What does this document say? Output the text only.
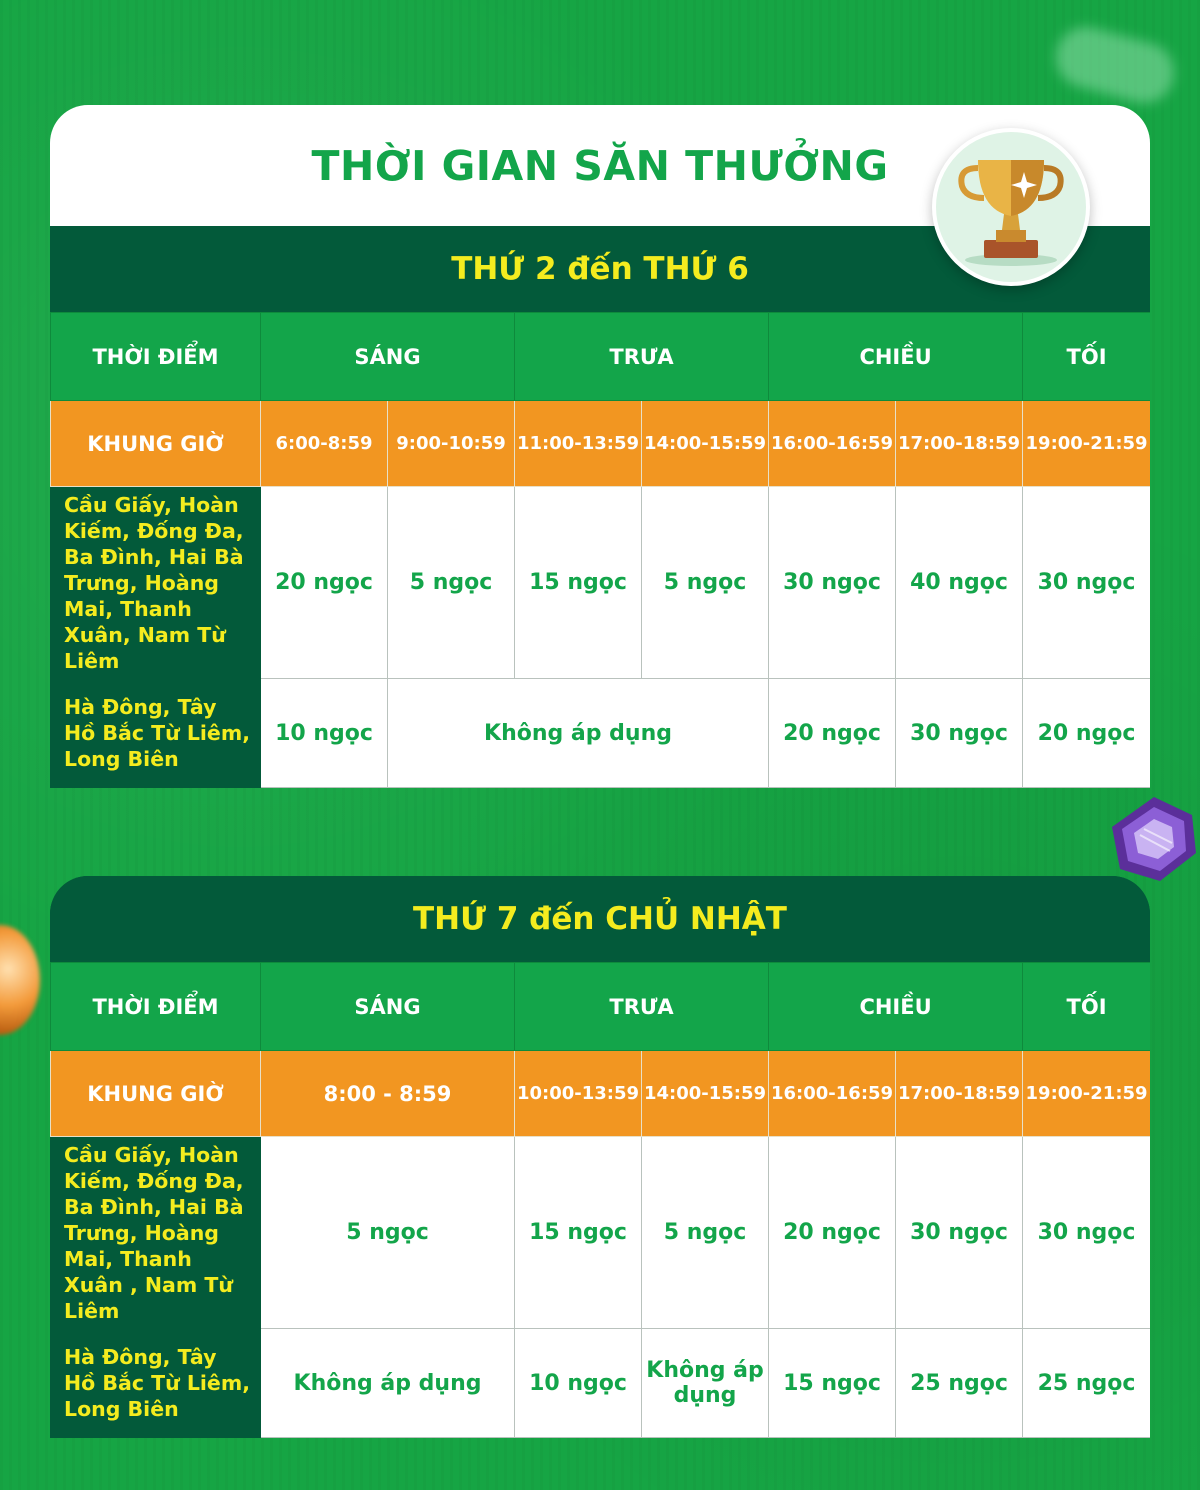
THỜI GIAN SĂN THƯỞNG
THỨ 2 đến THỨ 6
THỜI ĐIỂM	SÁNG		TRƯA		CHIỀU		TỐI
KHUNG GIỜ	6:00-8:59	9:00-10:59	11:00-13:59	14:00-15:59	16:00-16:59	17:00-18:59	19:00-21:59
Cầu Giấy, Hoàn Kiếm, Đống Đa, Ba Đình, Hai Bà Trưng, Hoàng Mai, Thanh Xuân, Nam Từ Liêm	20 ngọc	5 ngọc	15 ngọc	5 ngọc	30 ngọc	40 ngọc	30 ngọc
Hà Đông, Tây Hồ Bắc Từ Liêm, Long Biên	10 ngọc	Không áp dụng			20 ngọc	30 ngọc	20 ngọc
THỨ 7 đến CHỦ NHẬT
THỜI ĐIỂM	SÁNG	TRƯA		CHIỀU		TỐI
KHUNG GIỜ	8:00 - 8:59	10:00-13:59	14:00-15:59	16:00-16:59	17:00-18:59	19:00-21:59
Cầu Giấy, Hoàn Kiếm, Đống Đa, Ba Đình, Hai Bà Trưng, Hoàng Mai, Thanh Xuân , Nam Từ Liêm	5 ngọc	15 ngọc	5 ngọc	20 ngọc	30 ngọc	30 ngọc
Hà Đông, Tây Hồ Bắc Từ Liêm, Long Biên	Không áp dụng	10 ngọc	Không áp dụng	15 ngọc	25 ngọc	25 ngọc
